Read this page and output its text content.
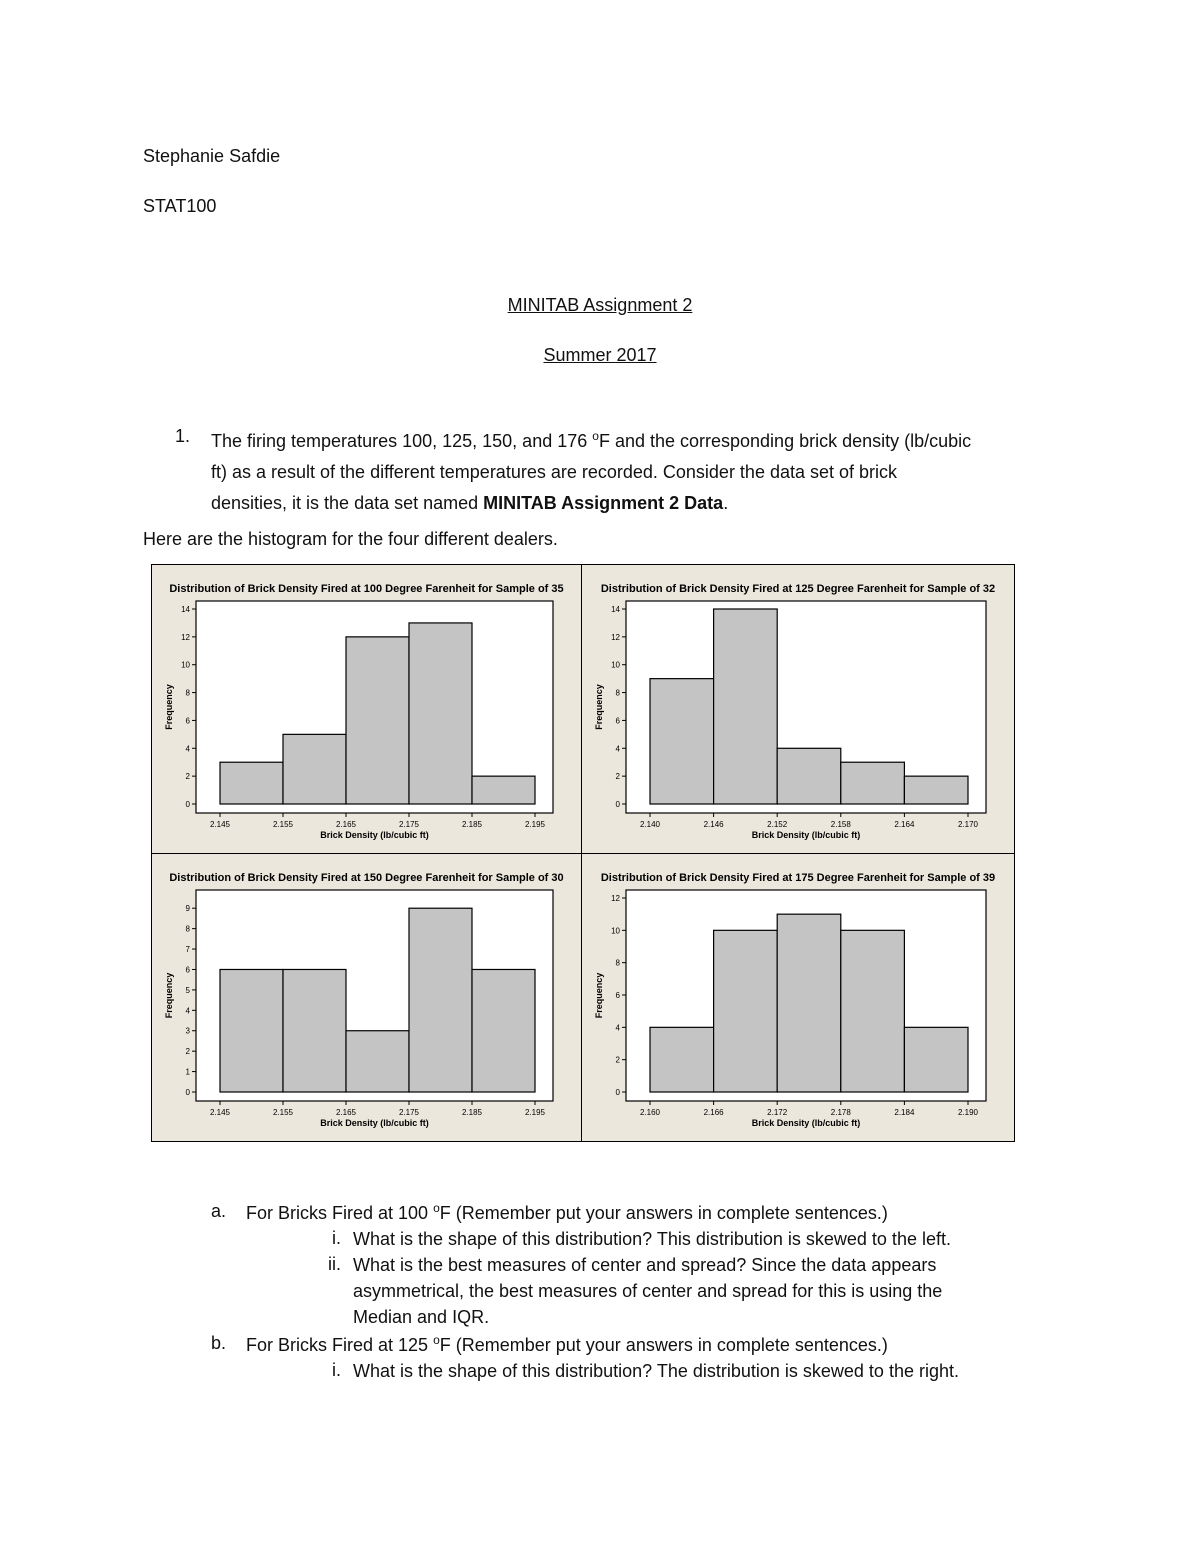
Stephanie Safdie
STAT100
MINITAB Assignment 2
Summer 2017
1. The firing temperatures 100, 125, 150, and 176 $^o$F and the corresponding brick density (lb/cubic
ft) as a result of the different temperatures are recorded. Consider the data set of brick
densities, it is the data set named MINITAB Assignment 2 Data.
Here are the histogram for the four different dealers.
Distribution of Brick Density Fired at 100 Degree Farenheit for Sample of 35
0
2
4
6
8
10
12
14
2.145	2.155	2.165	2.175	2.185	2.195
Brick Density (lb/cubic ft)
Frequency
Distribution of Brick Density Fired at 125 Degree Farenheit for Sample of 32
0
2
4
6
8
10
12
14
2.140	2.146	2.152	2.158	2.164	2.170
Brick Density (lb/cubic ft)
Frequency
Distribution of Brick Density Fired at 150 Degree Farenheit for Sample of 30
0
1
2
3
4
5
6
7
8
9
2.145	2.155	2.165	2.175	2.185	2.195
Brick Density (lb/cubic ft)
Frequency
Distribution of Brick Density Fired at 175 Degree Farenheit for Sample of 39
0
2
4
6
8
10
12
2.160	2.166	2.172	2.178	2.184	2.190
Brick Density (lb/cubic ft)
Frequency
a. For Bricks Fired at 100 $^o$F (Remember put your answers in complete sentences.)
i. What is the shape of this distribution? This distribution is skewed to the left.
ii. What is the best measures of center and spread? Since the data appears
asymmetrical, the best measures of center and spread for this is using the
Median and IQR.
b. For Bricks Fired at 125 $^o$F (Remember put your answers in complete sentences.)
i. What is the shape of this distribution? The distribution is skewed to the right.
